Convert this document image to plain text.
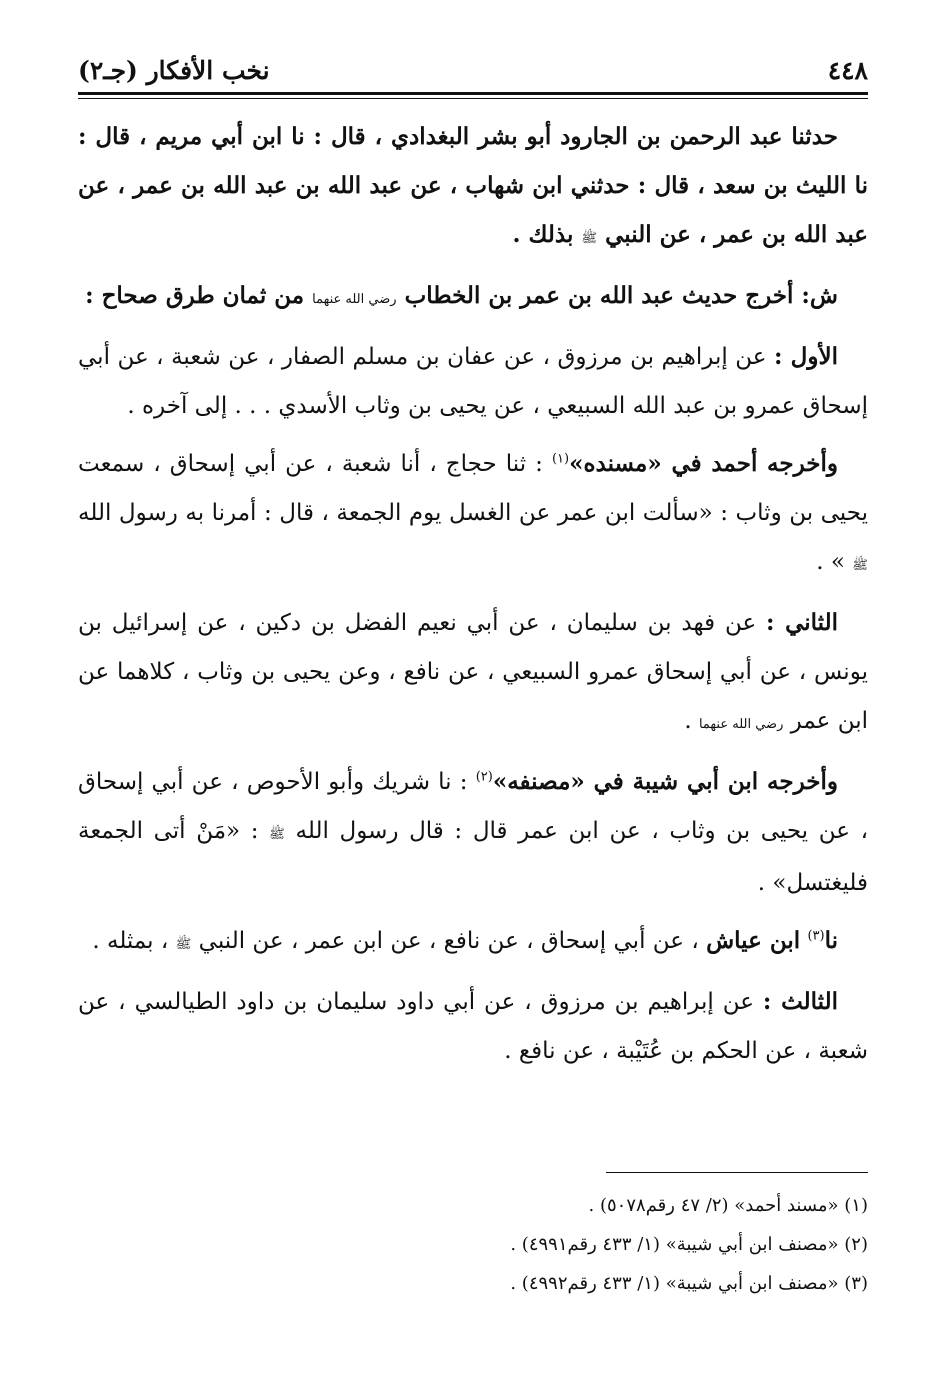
٤٤٨
نخب الأفكار (جـ٢)

حدثنا عبد الرحمن بن الجارود أبو بشر البغدادي ، قال : نا ابن أبي مريم ، قال : نا الليث بن سعد ، قال : حدثني ابن شهاب ، عن عبد الله بن عبد الله بن عمر ، عن عبد الله بن عمر ، عن النبي ﷺ بذلك .

ش: أخرج حديث عبد الله بن عمر بن الخطاب رضي الله عنهما من ثمان طرق صحاح :

الأول : عن إبراهيم بن مرزوق ، عن عفان بن مسلم الصفار ، عن شعبة ، عن أبي إسحاق عمرو بن عبد الله السبيعي ، عن يحيى بن وثاب الأسدي . . . إلى آخره .

وأخرجه أحمد في «مسنده»$^{(١)}$ : ثنا حجاج ، أنا شعبة ، عن أبي إسحاق ، سمعت يحيى بن وثاب : «سألت ابن عمر عن الغسل يوم الجمعة ، قال : أمرنا به رسول الله ﷺ » .

الثاني : عن فهد بن سليمان ، عن أبي نعيم الفضل بن دكين ، عن إسرائيل بن يونس ، عن أبي إسحاق عمرو السبيعي ، عن نافع ، وعن يحيى بن وثاب ، كلاهما عن ابن عمر رضي الله عنهما .

وأخرجه ابن أبي شيبة في «مصنفه»$^{(٢)}$ : نا شريك وأبو الأحوص ، عن أبي إسحاق ، عن يحيى بن وثاب ، عن ابن عمر قال : قال رسول الله ﷺ : «مَنْ أتى الجمعة فليغتسل» .

نا$^{(٣)}$ ابن عياش ، عن أبي إسحاق ، عن نافع ، عن ابن عمر ، عن النبي ﷺ ، بمثله .

الثالث : عن إبراهيم بن مرزوق ، عن أبي داود سليمان بن داود الطيالسي ، عن شعبة ، عن الحكم بن عُتَيْبة ، عن نافع .

(١) «مسند أحمد» (٢/ ٤٧ رقم٥٠٧٨) .
(٢) «مصنف ابن أبي شيبة» (١/ ٤٣٣ رقم٤٩٩١) .
(٣) «مصنف ابن أبي شيبة» (١/ ٤٣٣ رقم٤٩٩٢) .
